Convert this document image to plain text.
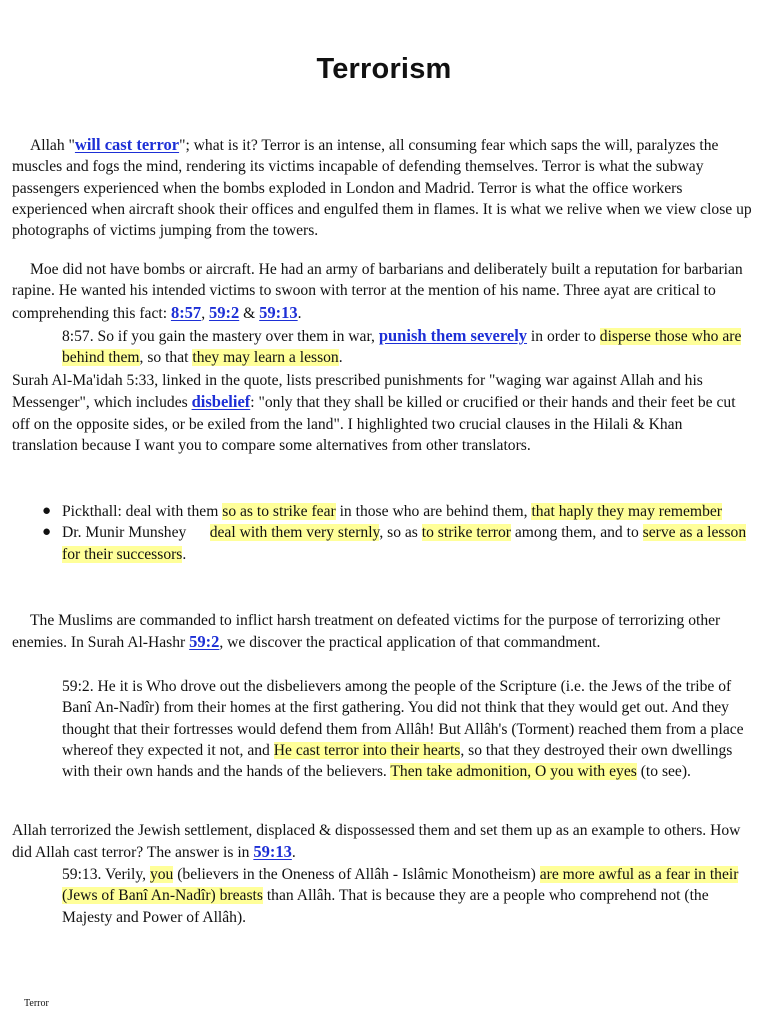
Terrorism

Allah "will cast terror"; what is it? Terror is an intense, all consuming fear which saps the will, paralyzes the muscles and fogs the mind, rendering its victims incapable of defending themselves. Terror is what the subway passengers experienced when the bombs exploded in London and Madrid. Terror is what the office workers experienced when aircraft shook their offices and engulfed them in flames. It is what we relive when we view close up photographs of victims jumping from the towers.

Moe did not have bombs or aircraft. He had an army of barbarians and deliberately built a reputation for barbarian rapine. He wanted his intended victims to swoon with terror at the mention of his name. Three ayat are critical to comprehending this fact: 8:57, 59:2 & 59:13.

8:57. So if you gain the mastery over them in war, punish them severely in order to disperse those who are behind them, so that they may learn a lesson.

Surah Al-Ma'idah 5:33, linked in the quote, lists prescribed punishments for "waging war against Allah and his Messenger", which includes disbelief: "only that they shall be killed or crucified or their hands and their feet be cut off on the opposite sides, or be exiled from the land". I highlighted two crucial clauses in the Hilali & Khan translation because I want you to compare some alternatives from other translators.

● Pickthall: deal with them so as to strike fear in those who are behind them, that haply they may remember
● Dr. Munir Munshey      deal with them very sternly, so as to strike terror among them, and to serve as a lesson for their successors.

The Muslims are commanded to inflict harsh treatment on defeated victims for the purpose of terrorizing other enemies. In Surah Al-Hashr 59:2, we discover the practical application of that commandment.

59:2. He it is Who drove out the disbelievers among the people of the Scripture (i.e. the Jews of the tribe of Banî An-Nadîr) from their homes at the first gathering. You did not think that they would get out. And they thought that their fortresses would defend them from Allâh! But Allâh's (Torment) reached them from a place whereof they expected it not, and He cast terror into their hearts, so that they destroyed their own dwellings with their own hands and the hands of the believers. Then take admonition, O you with eyes (to see).

Allah terrorized the Jewish settlement, displaced & dispossessed them and set them up as an example to others. How did Allah cast terror? The answer is in 59:13.

59:13. Verily, you (believers in the Oneness of Allâh - Islâmic Monotheism) are more awful as a fear in their (Jews of Banî An-Nadîr) breasts than Allâh. That is because they are a people who comprehend not (the Majesty and Power of Allâh).

Terror
